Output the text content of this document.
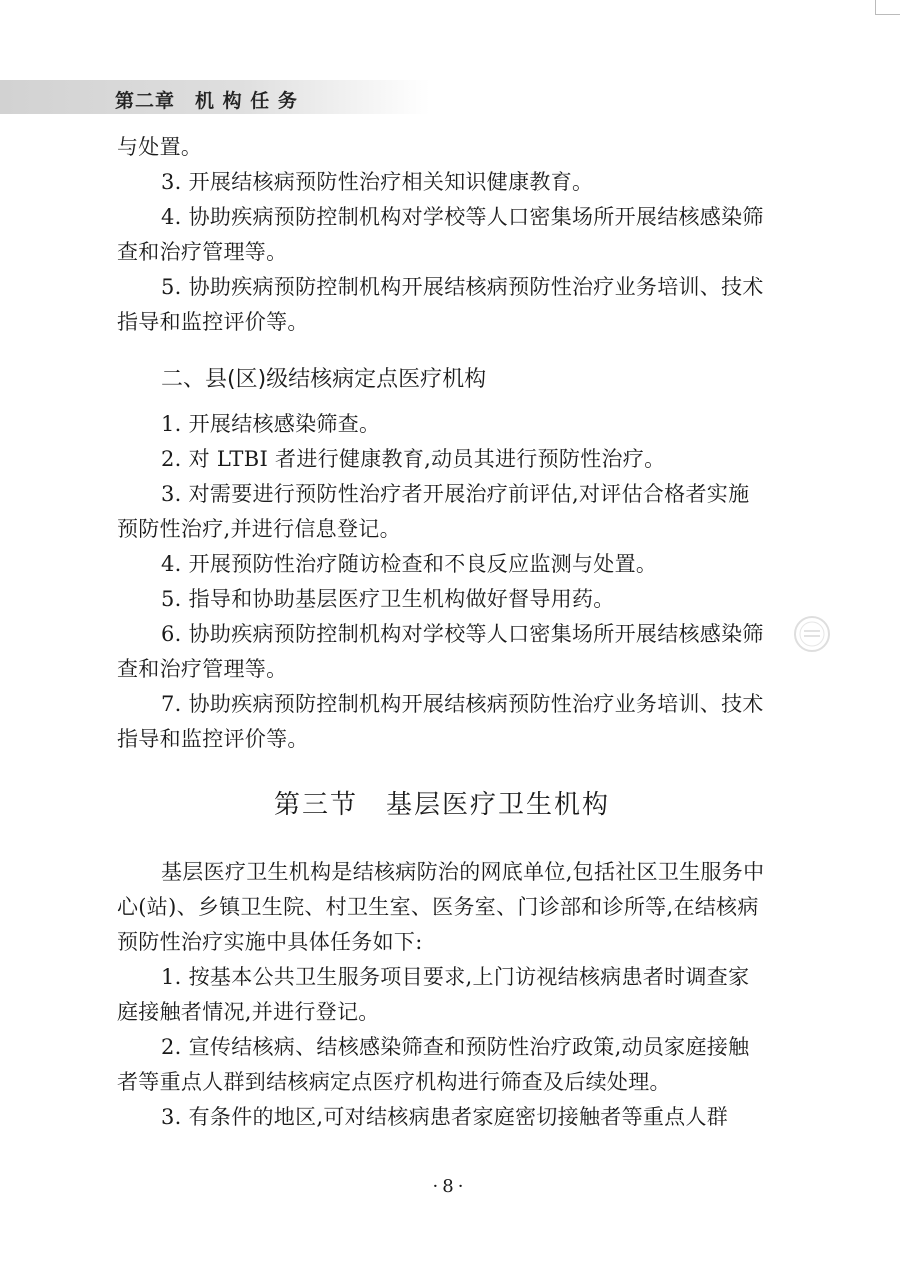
第二章　机 构 任 务

与处置。

3. 开展结核病预防性治疗相关知识健康教育。

4. 协助疾病预防控制机构对学校等人口密集场所开展结核感染筛查和治疗管理等。

5. 协助疾病预防控制机构开展结核病预防性治疗业务培训、技术指导和监控评价等。

二、县(区)级结核病定点医疗机构

1. 开展结核感染筛查。

2. 对 LTBI 者进行健康教育,动员其进行预防性治疗。

3. 对需要进行预防性治疗者开展治疗前评估,对评估合格者实施预防性治疗,并进行信息登记。

4. 开展预防性治疗随访检查和不良反应监测与处置。

5. 指导和协助基层医疗卫生机构做好督导用药。

6. 协助疾病预防控制机构对学校等人口密集场所开展结核感染筛查和治疗管理等。

7. 协助疾病预防控制机构开展结核病预防性治疗业务培训、技术指导和监控评价等。

第三节　基层医疗卫生机构

基层医疗卫生机构是结核病防治的网底单位,包括社区卫生服务中心(站)、乡镇卫生院、村卫生室、医务室、门诊部和诊所等,在结核病预防性治疗实施中具体任务如下:

1. 按基本公共卫生服务项目要求,上门访视结核病患者时调查家庭接触者情况,并进行登记。

2. 宣传结核病、结核感染筛查和预防性治疗政策,动员家庭接触者等重点人群到结核病定点医疗机构进行筛查及后续处理。

3. 有条件的地区,可对结核病患者家庭密切接触者等重点人群

·8·
